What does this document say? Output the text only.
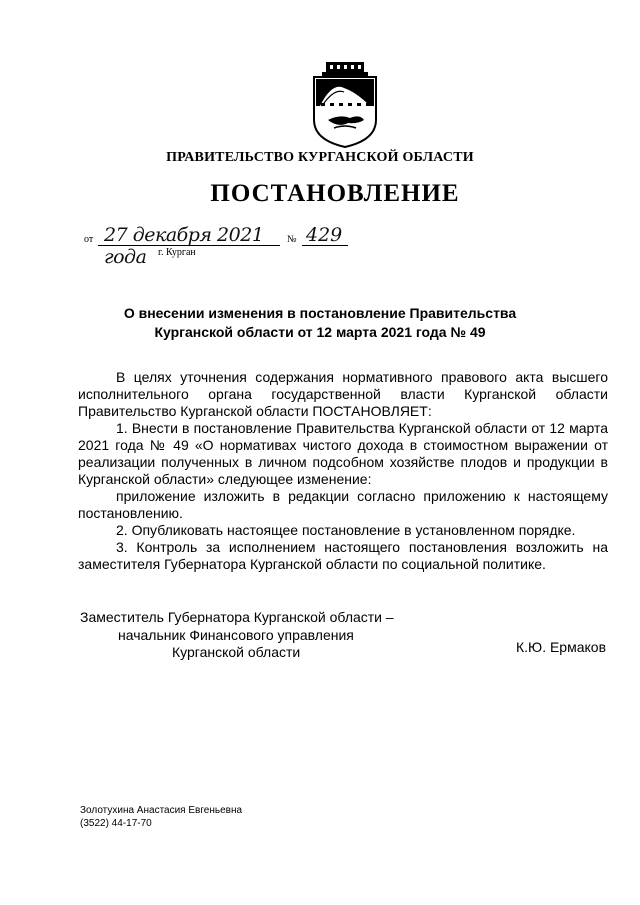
ПРАВИТЕЛЬСТВО КУРГАНСКОЙ ОБЛАСТИ
ПОСТАНОВЛЕНИЕ
от 27 декабря 2021 года	г. Курган
№ 429
О внесении изменения в постановление Правительства
Курганской области от 12 марта 2021 года № 49

В целях уточнения содержания нормативного правового акта высшего исполнительного органа государственной власти Курганской области Правительство Курганской области ПОСТАНОВЛЯЕТ:

1. Внести в постановление Правительства Курганской области от 12 марта 2021 года № 49 «О нормативах чистого дохода в стоимостном выражении от реализации полученных в личном подсобном хозяйстве плодов и продукции в Курганской области» следующее изменение:

приложение изложить в редакции согласно приложению к настоящему постановлению.

2. Опубликовать настоящее постановление в установленном порядке.

3. Контроль за исполнением настоящего постановления возложить на заместителя Губернатора Курганской области по социальной политике.

Заместитель Губернатора Курганской области –
начальник Финансового управления
Курганской области	К.Ю. Ермаков
Золотухина Анастасия Евгеньевна
(3522) 44-17-70
